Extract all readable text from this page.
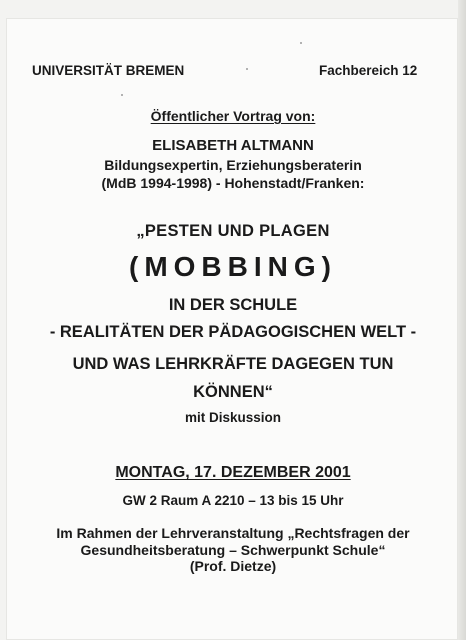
UNIVERSITÄT BREMEN	Fachbereich 12
Öffentlicher Vortrag von:
ELISABETH ALTMANN
Bildungsexpertin, Erziehungsberaterin
(MdB 1994-1998) - Hohenstadt/Franken:
„PESTEN UND PLAGEN
(MOBBING)
IN DER SCHULE
- REALITÄTEN DER PÄDAGOGISCHEN WELT -
UND WAS LEHRKRÄFTE DAGEGEN TUN
KÖNNEN“
mit Diskussion
MONTAG, 17. DEZEMBER 2001
GW 2 Raum A 2210 – 13 bis 15 Uhr
Im Rahmen der Lehrveranstaltung „Rechtsfragen der
Gesundheitsberatung – Schwerpunkt Schule“
(Prof. Dietze)
